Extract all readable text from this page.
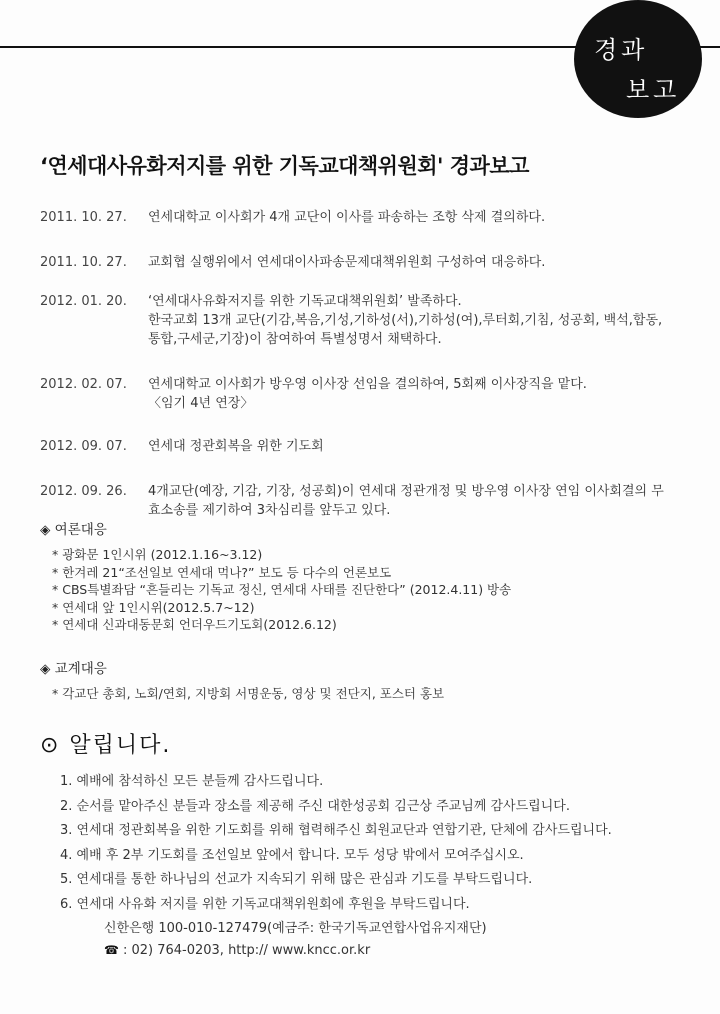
경과
보고
‘연세대사유화저지를 위한 기독교대책위원회' 경과보고
2011. 10. 27.	연세대학교 이사회가 4개 교단이 이사를 파송하는 조항 삭제 결의하다.
2011. 10. 27.	교회협 실행위에서 연세대이사파송문제대책위원회 구성하여 대응하다.
2012. 01. 20.	‘연세대사유화저지를 위한 기독교대책위원회’ 발족하다.
한국교회 13개 교단(기감,복음,기성,기하성(서),기하성(여),루터회,기침, 성공회, 백석,합동,
통합,구세군,기장)이 참여하여 특별성명서 채택하다.
2012. 02. 07.	연세대학교 이사회가 방우영 이사장 선임을 결의하여, 5회째 이사장직을 맡다.
〈임기 4년 연장〉
2012. 09. 07.	연세대 정관회복을 위한 기도회
2012. 09. 26.	4개교단(예장, 기감, 기장, 성공회)이 연세대 정관개정 및 방우영 이사장 연임 이사회결의 무
효소송를 제기하여 3차심리를 앞두고 있다.
◈ 여론대응
* 광화문 1인시위 (2012.1.16~3.12)
* 한겨레 21“조선일보 연세대 먹나?” 보도 등 다수의 언론보도
* CBS특별좌담 “흔들리는 기독교 정신, 연세대 사태를 진단한다” (2012.4.11) 방송
* 연세대 앞 1인시위(2012.5.7~12)
* 연세대 신과대동문회 언더우드기도회(2012.6.12)
◈ 교계대응
* 각교단 총회, 노회/연회, 지방회 서명운동, 영상 및 전단지, 포스터 홍보
⊙ 알립니다.
1. 예배에 참석하신 모든 분들께 감사드립니다.
2. 순서를 맡아주신 분들과 장소를 제공해 주신 대한성공회 김근상 주교님께 감사드립니다.
3. 연세대 정관회복을 위한 기도회를 위해 협력해주신 회원교단과 연합기관, 단체에 감사드립니다.
4. 예배 후 2부 기도회를 조선일보 앞에서 합니다. 모두 성당 밖에서 모여주십시오.
5. 연세대를 통한 하나님의 선교가 지속되기 위해 많은 관심과 기도를 부탁드립니다.
6. 연세대 사유화 저지를 위한 기독교대책위원회에 후원을 부탁드립니다.
신한은행 100-010-127479(예금주: 한국기독교연합사업유지재단)
☎ : 02) 764-0203, http:// www.kncc.or.kr
